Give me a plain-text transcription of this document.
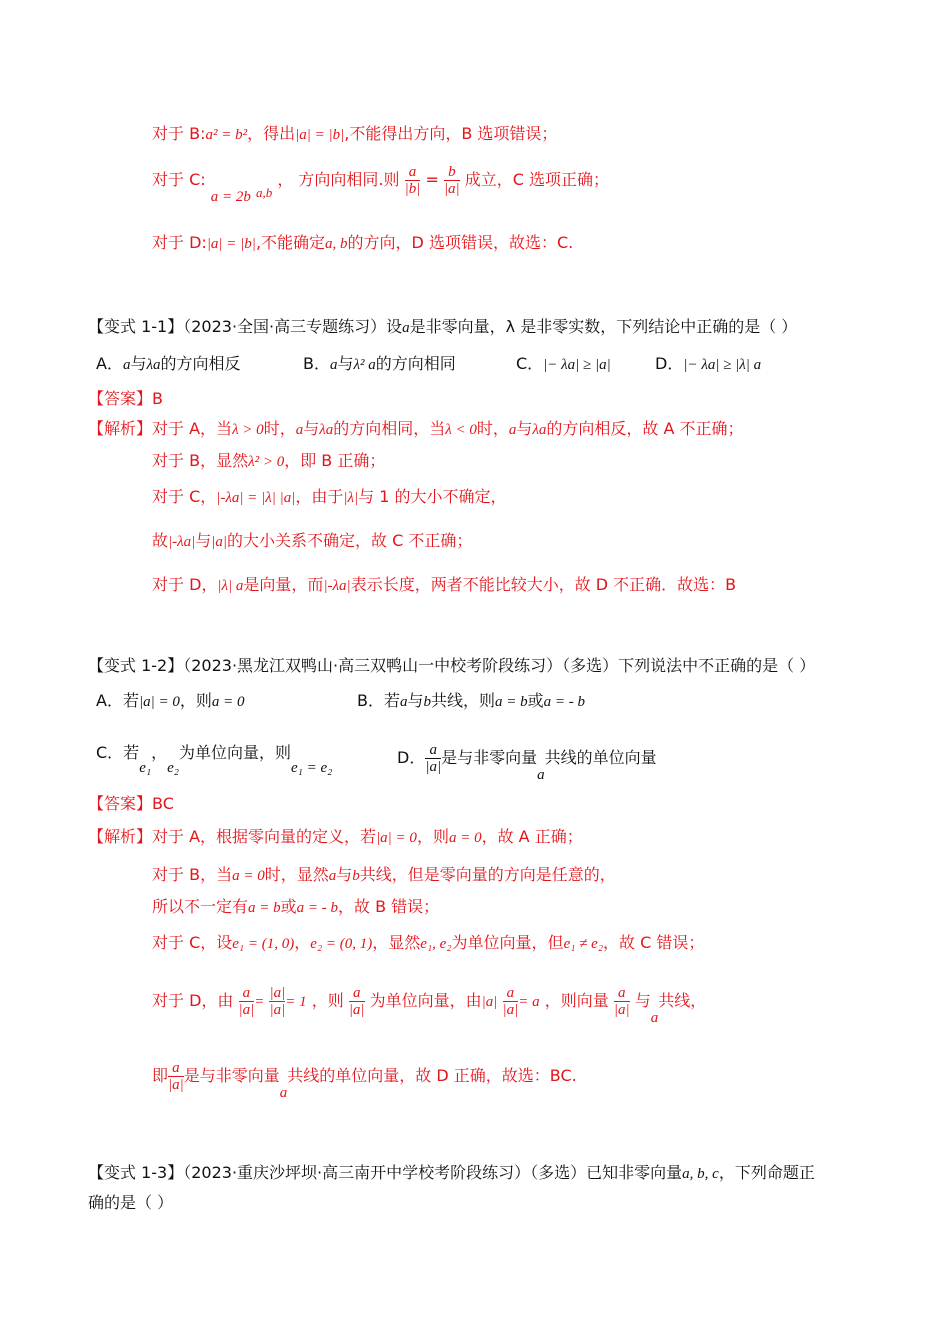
对于 B:a² = b²，得出|a| = |b|,不能得出方向，B 选项错误；
对于 C: a = 2b $_{a,b}$ ， 方向向相同.则 $\frac{a}{|b|} = \frac{b}{|a|}$ 成立，C 选项正确；
对于 D:|a| = |b|,不能确定a, b的方向，D 选项错误，故选：C.
【变式 1-1】（2023·全国·高三专题练习）设a是非零向量，λ 是非零实数，下列结论中正确的是（ ）
A．a与λa的方向相反	B．a与λ² a的方向相同	C．|− λa| ≥ |a|	D．|− λa| ≥ |λ| a
【答案】B
【解析】对于 A，当λ > 0时，a与λa的方向相同，当λ < 0时，a与λa的方向相反，故 A 不正确；
对于 B，显然λ² > 0，即 B 正确；
对于 C，|-λa| = |λ| |a|，由于|λ|与 1 的大小不确定，
故|-λa|与|a|的大小关系不确定，故 C 不正确；
对于 D，|λ| a是向量，而|-λa|表示长度，两者不能比较大小，故 D 不正确．故选：B
【变式 1-2】（2023·黑龙江双鸭山·高三双鸭山一中校考阶段练习）（多选）下列说法中不正确的是（ ）
A．若|a| = 0，则a = 0	B．若a与b共线，则a = b或a = - b
C．若e₁，e₂为单位向量，则e₁ = e₂
D． $\frac{a}{|a|}$ 是与非零向量a共线的单位向量
【答案】BC
【解析】对于 A，根据零向量的定义，若|a| = 0，则a = 0，故 A 正确；
对于 B，当a = 0时，显然a与b共线，但是零向量的方向是任意的，
所以不一定有a = b或a = - b，故 B 错误；
对于 C，设e₁ = (1, 0)，e₂ = (0, 1)，显然e₁, e₂为单位向量，但e₁ ≠ e₂，故 C 错误；
对于 D，由 $\frac{a}{|a|} = \frac{|a|}{|a|} = 1$ ，则 $\frac{a}{|a|}$ 为单位向量，由$|a| \frac{a}{|a|} = a$ ，则向量 $\frac{a}{|a|}$ 与a共线，
即 $\frac{a}{|a|}$ 是与非零向量a共线的单位向量，故 D 正确，故选：BC.
【变式 1-3】（2023·重庆沙坪坝·高三南开中学校考阶段练习）（多选）已知非零向量a, b, c，下列命题正
确的是（ ）
